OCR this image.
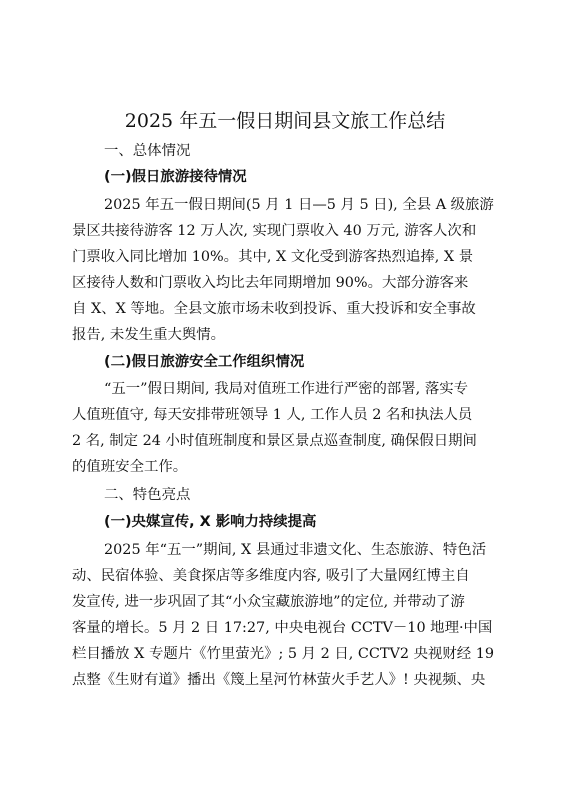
2025 年五一假日期间县文旅工作总结
一、总体情况
(一)假日旅游接待情况
2025 年五一假日期间(5 月 1 日—5 月 5 日), 全县 A 级旅游
景区共接待游客 12 万人次, 实现门票收入 40 万元, 游客人次和
门票收入同比增加 10%。其中, X 文化受到游客热烈追捧, X 景
区接待人数和门票收入均比去年同期增加 90%。大部分游客来
自 X、X 等地。全县文旅市场未收到投诉、重大投诉和安全事故
报告, 未发生重大舆情。
(二)假日旅游安全工作组织情况
“五一”假日期间, 我局对值班工作进行严密的部署, 落实专
人值班值守, 每天安排带班领导 1 人, 工作人员 2 名和执法人员
2 名, 制定 24 小时值班制度和景区景点巡查制度, 确保假日期间
的值班安全工作。
二、特色亮点
(一)央媒宣传, X 影响力持续提高
2025 年“五一”期间, X 县通过非遗文化、生态旅游、特色活
动、民宿体验、美食探店等多维度内容, 吸引了大量网红博主自
发宣传, 进一步巩固了其“小众宝藏旅游地”的定位, 并带动了游
客量的增长。5 月 2 日 17:27, 中央电视台 CCTV－10 地理·中国
栏目播放 X 专题片《竹里萤光》; 5 月 2 日, CCTV2 央视财经 19
点整《生财有道》播出《篾上星河竹林萤火手艺人》! 央视频、央
